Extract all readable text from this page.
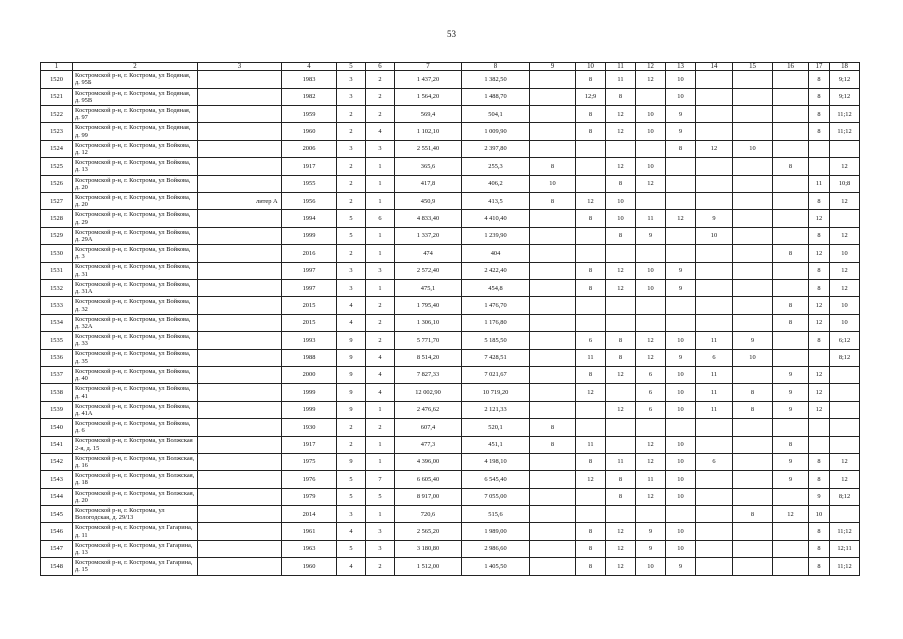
53
1	2	3	4	5	6	7	8	9	10	11	12	13	14	15	16	17	18
1520	Костромской р-н, г. Кострома, ул Водяная, д. 95Б		1983	3	2	1 437,20	1 382,50		8	11	12	10				8	9;12
1521	Костромской р-н, г. Кострома, ул Водяная, д. 95В		1982	3	2	1 564,20	1 488,70		12;9	8		10				8	9;12
1522	Костромской р-н, г. Кострома, ул Водяная, д. 97		1959	2	2	569,4	504,1		8	12	10	9				8	11;12
1523	Костромской р-н, г. Кострома, ул Водяная, д. 99		1960	2	4	1 102,10	1 009,90		8	12	10	9				8	11;12
1524	Костромской р-н, г. Кострома, ул Войкова, д. 12		2006	3	3	2 551,40	2 397,80					8	12	10			
1525	Костромской р-н, г. Кострома, ул Войкова, д. 13		1917	2	1	365,6	255,3	8		12	10				8		12
1526	Костромской р-н, г. Кострома, ул Войкова, д. 20		1955	2	1	417,8	406,2	10		8	12					11	10;8
1527	Костромской р-н, г. Кострома, ул Войкова, д. 20	литер А	1956	2	1	450,9	413,5	8	12	10						8	12
1528	Костромской р-н, г. Кострома, ул Войкова, д. 29		1994	5	6	4 833,40	4 410,40		8	10	11	12	9			12	
1529	Костромской р-н, г. Кострома, ул Войкова, д. 29А		1999	5	1	1 337,20	1 239,90			8	9		10			8	12
1530	Костромской р-н, г. Кострома, ул Войкова, д. 3		2016	2	1	474	404								8	12	10
1531	Костромской р-н, г. Кострома, ул Войкова, д. 31		1997	3	3	2 572,40	2 422,40		8	12	10	9				8	12
1532	Костромской р-н, г. Кострома, ул Войкова, д. 31А		1997	3	1	475,1	454,8		8	12	10	9				8	12
1533	Костромской р-н, г. Кострома, ул Войкова, д. 32		2015	4	2	1 795,40	1 476,70								8	12	10
1534	Костромской р-н, г. Кострома, ул Войкова, д. 32А		2015	4	2	1 306,10	1 176,80								8	12	10
1535	Костромской р-н, г. Кострома, ул Войкова, д. 33		1993	9	2	5 771,70	5 185,50		6	8	12	10	11	9		8	6;12
1536	Костромской р-н, г. Кострома, ул Войкова, д. 35		1988	9	4	8 514,20	7 428,51		11	8	12	9	6	10			8;12
1537	Костромской р-н, г. Кострома, ул Войкова, д. 40		2000	9	4	7 827,33	7 021,67		8	12	6	10	11		9	12	
1538	Костромской р-н, г. Кострома, ул Войкова, д. 41		1999	9	4	12 002,90	10 719,20		12		6	10	11	8	9	12	
1539	Костромской р-н, г. Кострома, ул Войкова, д. 41А		1999	9	1	2 476,62	2 121,33			12	6	10	11	8	9	12	
1540	Костромской р-н, г. Кострома, ул Войкова, д. 6		1930	2	2	607,4	520,1	8									
1541	Костромской р-н, г. Кострома, ул Волжская 2-я, д. 15		1917	2	1	477,3	451,1	8	11		12	10			8		
1542	Костромской р-н, г. Кострома, ул Волжская, д. 16		1975	9	1	4 396,00	4 198,10		8	11	12	10	6		9	8	12
1543	Костромской р-н, г. Кострома, ул Волжская, д. 18		1976	5	7	6 605,40	6 545,40		12	8	11	10			9	8	12
1544	Костромской р-н, г. Кострома, ул Волжская, д. 20		1979	5	5	8 917,00	7 055,00			8	12	10				9	8;12
1545	Костромской р-н, г. Кострома, ул Вологодская, д. 29/13		2014	3	1	720,6	515,6							8	12	10	
1546	Костромской р-н, г. Кострома, ул Гагарина, д. 11		1961	4	3	2 565,20	1 989,00		8	12	9	10				8	11;12
1547	Костромской р-н, г. Кострома, ул Гагарина, д. 13		1963	5	3	3 180,80	2 986,60		8	12	9	10				8	12;11
1548	Костромской р-н, г. Кострома, ул Гагарина, д. 15		1960	4	2	1 512,00	1 405,50		8	12	10	9				8	11;12
